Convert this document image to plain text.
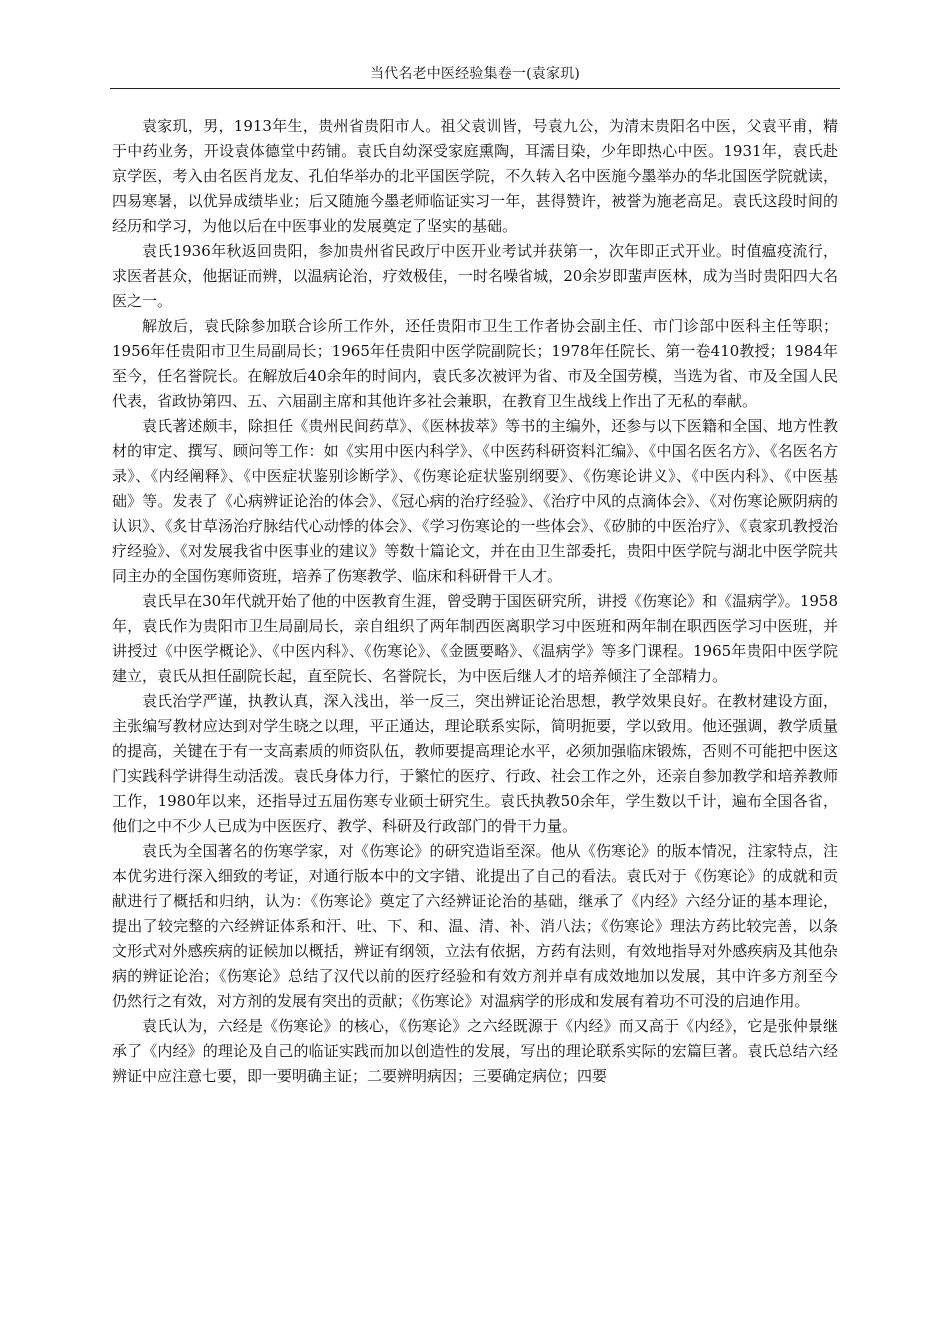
当代名老中医经验集卷一(袁家玑)

袁家玑，男，1913年生，贵州省贵阳市人。祖父袁训皆，号袁九公，为清末贵阳名中医，父袁平甫，精于中药业务，开设袁体德堂中药铺。袁氏自幼深受家庭熏陶，耳濡目染，少年即热心中医。1931年，袁氏赴京学医，考入由名医肖龙友、孔伯华举办的北平国医学院，不久转入名中医施今墨举办的华北国医学院就读，四易寒暑，以优异成绩毕业；后又随施今墨老师临证实习一年，甚得赞许，被誉为施老高足。袁氏这段时间的经历和学习，为他以后在中医事业的发展奠定了坚实的基础。

袁氏1936年秋返回贵阳，参加贵州省民政厅中医开业考试并获第一，次年即正式开业。时值瘟疫流行，求医者甚众，他据证而辨，以温病论治，疗效极佳，一时名噪省城，20余岁即蜚声医林，成为当时贵阳四大名医之一。

解放后，袁氏除参加联合诊所工作外，还任贵阳市卫生工作者协会副主任、市门诊部中医科主任等职；1956年任贵阳市卫生局副局长；1965年任贵阳中医学院副院长；1978年任院长、第一卷410教授；1984年至今，任名誉院长。在解放后40余年的时间内，袁氏多次被评为省、市及全国劳模，当选为省、市及全国人民代表，省政协第四、五、六届副主席和其他许多社会兼职，在教育卫生战线上作出了无私的奉献。

袁氏著述颇丰，除担任《贵州民间药草》、《医林拔萃》等书的主编外，还参与以下医籍和全国、地方性教材的审定、撰写、顾问等工作：如《实用中医内科学》、《中医药科研资料汇编》、《中国名医名方》、《名医名方录》、《内经阐释》、《中医症状鉴别诊断学》、《伤寒论症状鉴别纲要》、《伤寒论讲义》、《中医内科》、《中医基础》等。发表了《心病辨证论治的体会》、《冠心病的治疗经验》、《治疗中风的点滴体会》、《对伤寒论厥阴病的认识》、《炙甘草汤治疗脉结代心动悸的体会》、《学习伤寒论的一些体会》、《矽肺的中医治疗》、《袁家玑教授治疗经验》、《对发展我省中医事业的建议》等数十篇论文，并在由卫生部委托，贵阳中医学院与湖北中医学院共同主办的全国伤寒师资班，培养了伤寒教学、临床和科研骨干人才。

袁氏早在30年代就开始了他的中医教育生涯，曾受聘于国医研究所，讲授《伤寒论》和《温病学》。1958年，袁氏作为贵阳市卫生局副局长，亲自组织了两年制西医离职学习中医班和两年制在职西医学习中医班，并讲授过《中医学概论》、《中医内科》、《伤寒论》、《金匮要略》、《温病学》等多门课程。1965年贵阳中医学院建立，袁氏从担任副院长起，直至院长、名誉院长，为中医后继人才的培养倾注了全部精力。

袁氏治学严谨，执教认真，深入浅出，举一反三，突出辨证论治思想，教学效果良好。在教材建设方面，主张编写教材应达到对学生晓之以理，平正通达，理论联系实际，简明扼要，学以致用。他还强调，教学质量的提高，关键在于有一支高素质的师资队伍，教师要提高理论水平，必须加强临床锻炼，否则不可能把中医这门实践科学讲得生动活泼。袁氏身体力行，于繁忙的医疗、行政、社会工作之外，还亲自参加教学和培养教师工作，1980年以来，还指导过五届伤寒专业硕士研究生。袁氏执教50余年，学生数以千计，遍布全国各省，他们之中不少人已成为中医医疗、教学、科研及行政部门的骨干力量。

袁氏为全国著名的伤寒学家，对《伤寒论》的研究造诣至深。他从《伤寒论》的版本情况，注家特点，注本优劣进行深入细致的考证，对通行版本中的文字错、讹提出了自己的看法。袁氏对于《伤寒论》的成就和贡献进行了概括和归纳，认为：《伤寒论》奠定了六经辨证论治的基础，继承了《内经》六经分证的基本理论，提出了较完整的六经辨证体系和汗、吐、下、和、温、清、补、消八法；《伤寒论》理法方药比较完善，以条文形式对外感疾病的证候加以概括，辨证有纲领，立法有依据，方药有法则，有效地指导对外感疾病及其他杂病的辨证论治；《伤寒论》总结了汉代以前的医疗经验和有效方剂并卓有成效地加以发展，其中许多方剂至今仍然行之有效，对方剂的发展有突出的贡献；《伤寒论》对温病学的形成和发展有着功不可没的启迪作用。

袁氏认为，六经是《伤寒论》的核心，《伤寒论》之六经既源于《内经》而又高于《内经》，它是张仲景继承了《内经》的理论及自己的临证实践而加以创造性的发展，写出的理论联系实际的宏篇巨著。袁氏总结六经辨证中应注意七要，即一要明确主证；二要辨明病因；三要确定病位；四要
